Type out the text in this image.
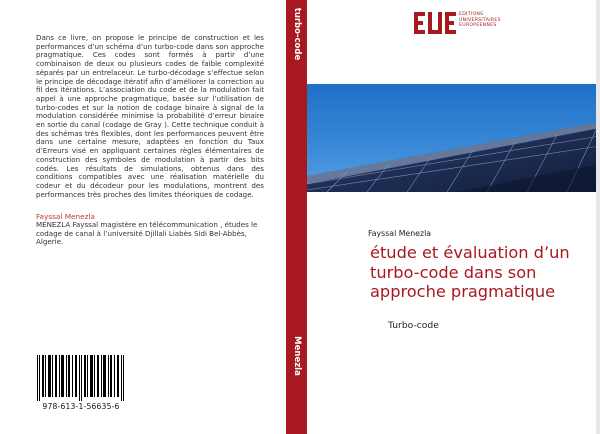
Dans ce livre, on propose le principe de construction et les performances d’un schéma d’un turbo-code dans son approche pragmatique. Ces codes sont formés à partir d’une combinaison de deux ou plusieurs codes de faible complexité séparés par un entrelaceur. Le turbo-décodage s’effectue selon le principe de décodage itératif afin d’améliorer la correction au fil des itérations. L’association du code et de la modulation fait appel à une approche pragmatique, basée sur l’utilisation de turbo-codes et sur la notion de codage binaire à signal de la modulation considérée minimise la probabilité d’erreur binaire en sortie du canal (codage de Gray ). Cette technique conduit à des schémas très flexibles, dont les performances peuvent être dans une certaine mesure, adaptées en fonction du Taux d’Erreurs visé en appliquant certaines règles élémentaires de construction des symboles de modulation à partir des bits codés. Les résultats de simulations, obtenus dans des conditions compatibles avec une réalisation matérielle du codeur et du décodeur pour les modulations, montrent des performances très proches des limites théoriques de codage.

Fayssal Menezla

MENEZLA Fayssal magistère en télécommunication , études le codage de canal à l’université Djillali Liabès Sidi Bel-Abbès, Algerie.

978-613-1-56635-6
turbo-code
Menezla
EDITIONS
UNIVERSITAIRES
EUROPEENNES
Fayssal Menezla
étude et évaluation d’un turbo-code dans son approche pragmatique
Turbo-code
